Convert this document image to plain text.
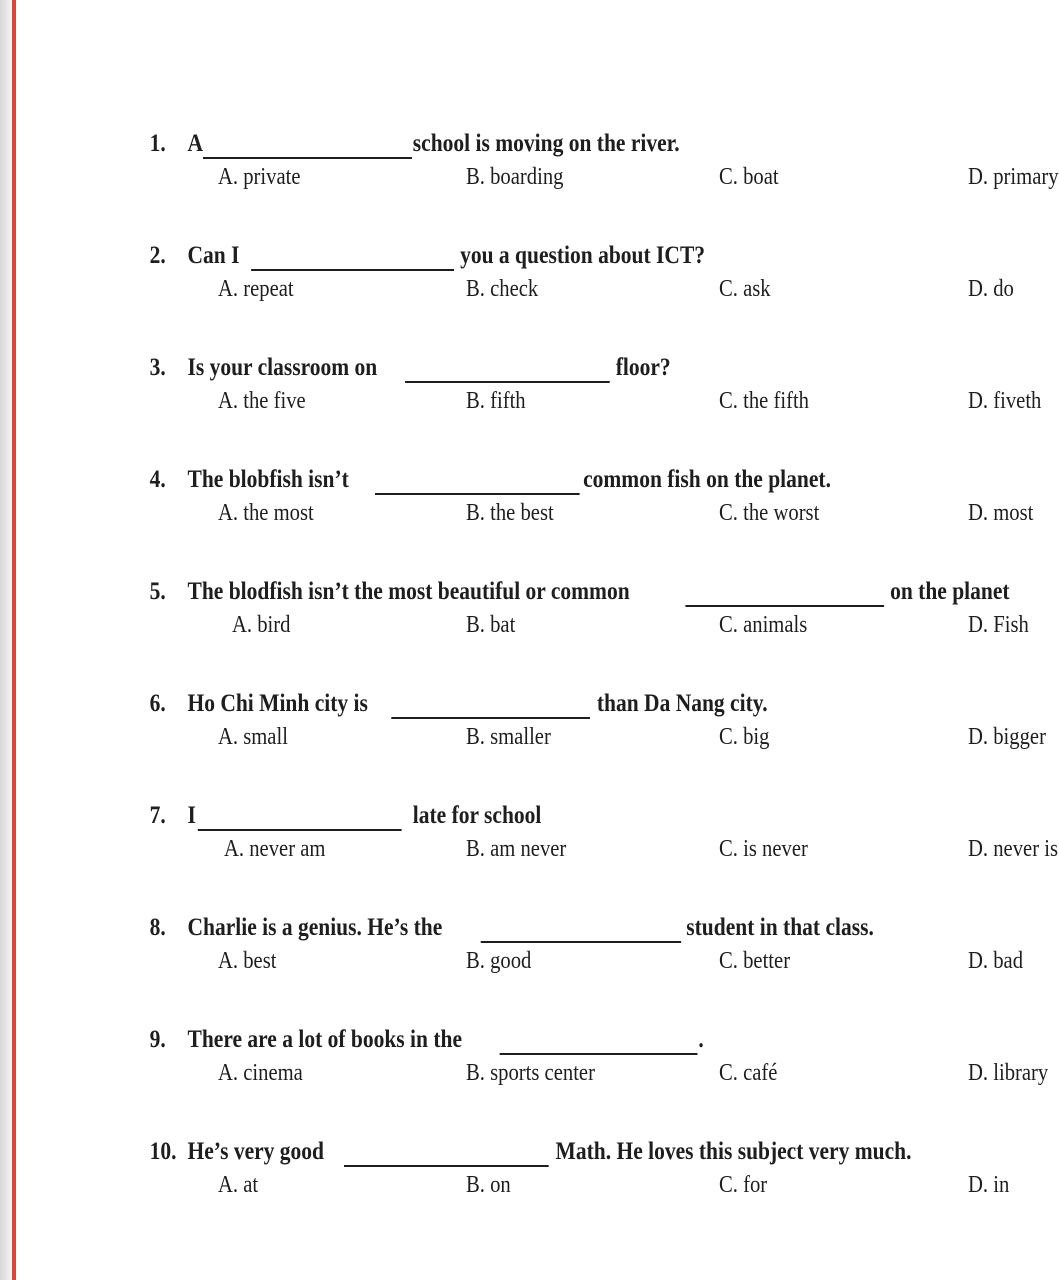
1. A	school is moving on the river.
A. private	B. boarding	C. boat	D. primary
2. Can I	you a question about ICT?
A. repeat	B. check	C. ask	D. do
3. Is your classroom on	floor?
A. the five	B. fifth	C. the fifth	D. fiveth
4. The blobfish isn’t	common fish on the planet.
A. the most	B. the best	C. the worst	D. most
5. The blodfish isn’t the most beautiful or common	on the planet
A. bird	B. bat	C. animals	D. Fish
6. Ho Chi Minh city is	than Da Nang city.
A. small	B. smaller	C. big	D. bigger
7. I	late for school
A. never am	B. am never	C. is never	D. never is
8. Charlie is a genius. He’s the	student in that class.
A. best	B. good	C. better	D. bad
9. There are a lot of books in the	.
A. cinema	B. sports center	C. café	D. library
10. He’s very good	Math. He loves this subject very much.
A. at	B. on	C. for	D. in
